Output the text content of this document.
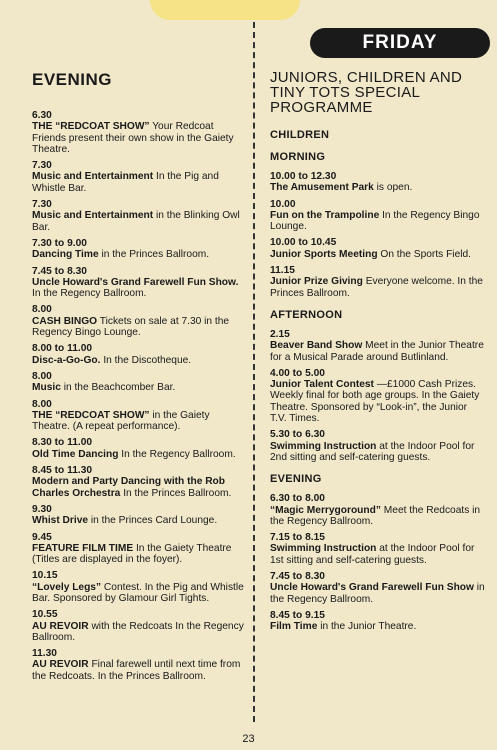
EVENING
6.30
THE “REDCOAT SHOW” Your Redcoat Friends present their own show in the Gaiety Theatre.
7.30
Music and Entertainment In the Pig and Whistle Bar.
7.30
Music and Entertainment in the Blinking Owl Bar.
7.30 to 9.00
Dancing Time in the Princes Ballroom.
7.45 to 8.30
Uncle Howard's Grand Farewell Fun Show. In the Regency Ballroom.
8.00
CASH BINGO Tickets on sale at 7.30 in the Regency Bingo Lounge.
8.00 to 11.00
Disc-a-Go-Go. In the Discotheque.
8.00
Music in the Beachcomber Bar.
8.00
THE “REDCOAT SHOW” in the Gaiety Theatre. (A repeat performance).
8.30 to 11.00
Old Time Dancing In the Regency Ballroom.
8.45 to 11.30
Modern and Party Dancing with the Rob Charles Orchestra In the Princes Ballroom.
9.30
Whist Drive in the Princes Card Lounge.
9.45
FEATURE FILM TIME In the Gaiety Theatre (Titles are displayed in the foyer).
10.15
“Lovely Legs” Contest. In the Pig and Whistle Bar. Sponsored by Glamour Girl Tights.
10.55
AU REVOIR with the Redcoats In the Regency Ballroom.
11.30
AU REVOIR Final farewell until next time from the Redcoats. In the Princes Ballroom.
FRIDAY
JUNIORS, CHILDREN AND TINY TOTS SPECIAL PROGRAMME
CHILDREN
MORNING
10.00 to 12.30
The Amusement Park is open.
10.00
Fun on the Trampoline In the Regency Bingo Lounge.
10.00 to 10.45
Junior Sports Meeting On the Sports Field.
11.15
Junior Prize Giving Everyone welcome. In the Princes Ballroom.
AFTERNOON
2.15
Beaver Band Show Meet in the Junior Theatre for a Musical Parade around Butlinland.
4.00 to 5.00
Junior Talent Contest —£1000 Cash Prizes. Weekly final for both age groups. In the Gaiety Theatre. Sponsored by “Look-in”, the Junior T.V. Times.
5.30 to 6.30
Swimming Instruction at the Indoor Pool for 2nd sitting and self-catering guests.
EVENING
6.30 to 8.00
“Magic Merrygoround” Meet the Redcoats in the Regency Ballroom.
7.15 to 8.15
Swimming Instruction at the Indoor Pool for 1st sitting and self-catering guests.
7.45 to 8.30
Uncle Howard's Grand Farewell Fun Show in the Regency Ballroom.
8.45 to 9.15
Film Time in the Junior Theatre.
23
